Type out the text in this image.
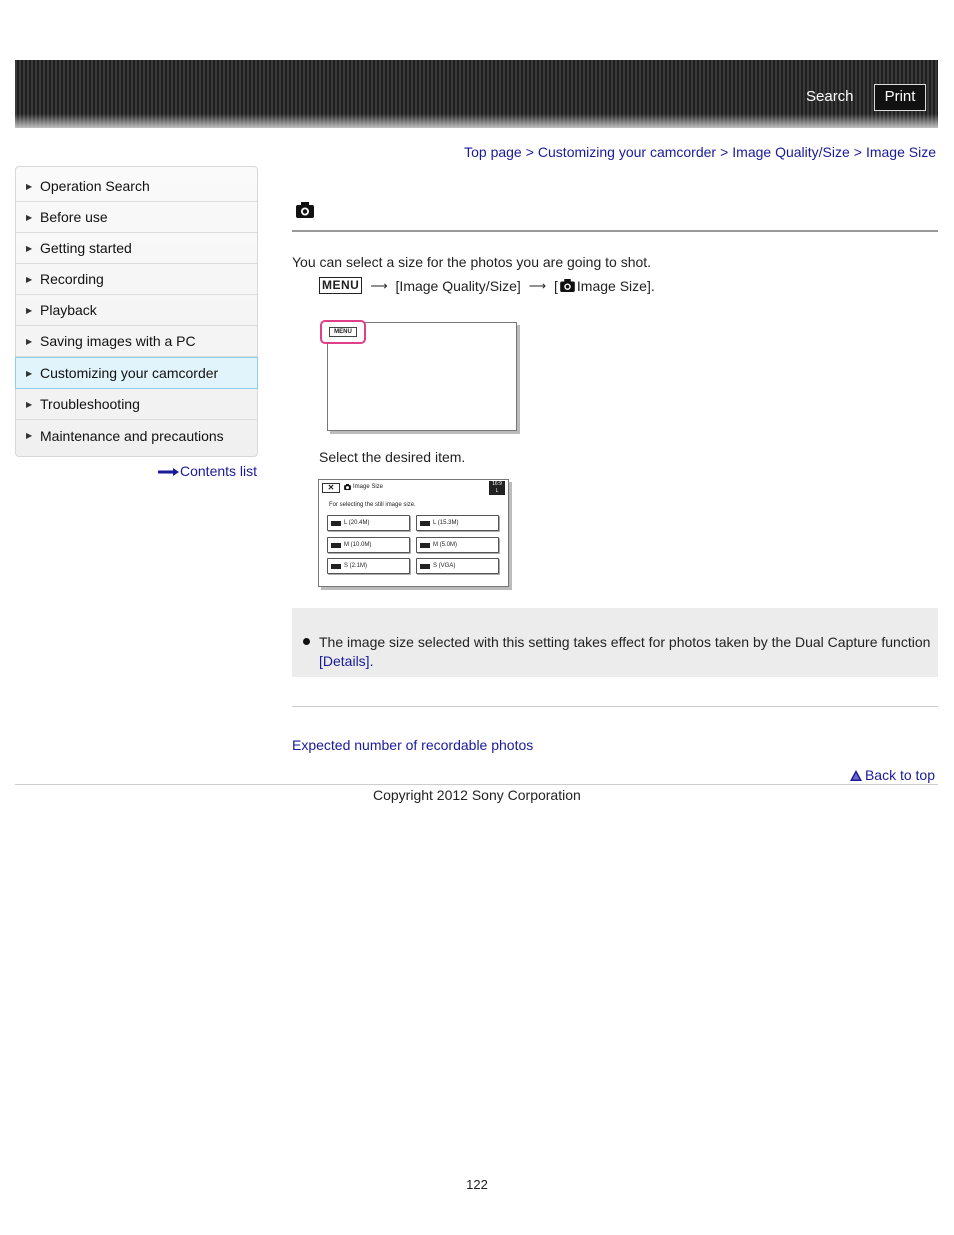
Search	Print
Top page > Customizing your camcorder > Image Quality/Size > Image Size
▶ Operation Search
▶ Before use
▶ Getting started
▶ Recording
▶ Playback
▶ Saving images with a PC
▶ Customizing your camcorder
▶ Troubleshooting
▶ Maintenance and precautions
Contents list
You can select a size for the photos you are going to shot.
MENU ⟶ [Image Quality/Size] ⟶ [ Image Size].
MENU
Select the desired item.
✕	Image Size	16:9
L
For selecting the still image size.
L (20.4M)	L (15.3M)
M (10.0M)	M (5.0M)
S (2.1M)	S (VGA)
The image size selected with this setting takes effect for photos taken by the Dual Capture function
[Details].
Expected number of recordable photos
Back to top
Copyright 2012 Sony Corporation
122
